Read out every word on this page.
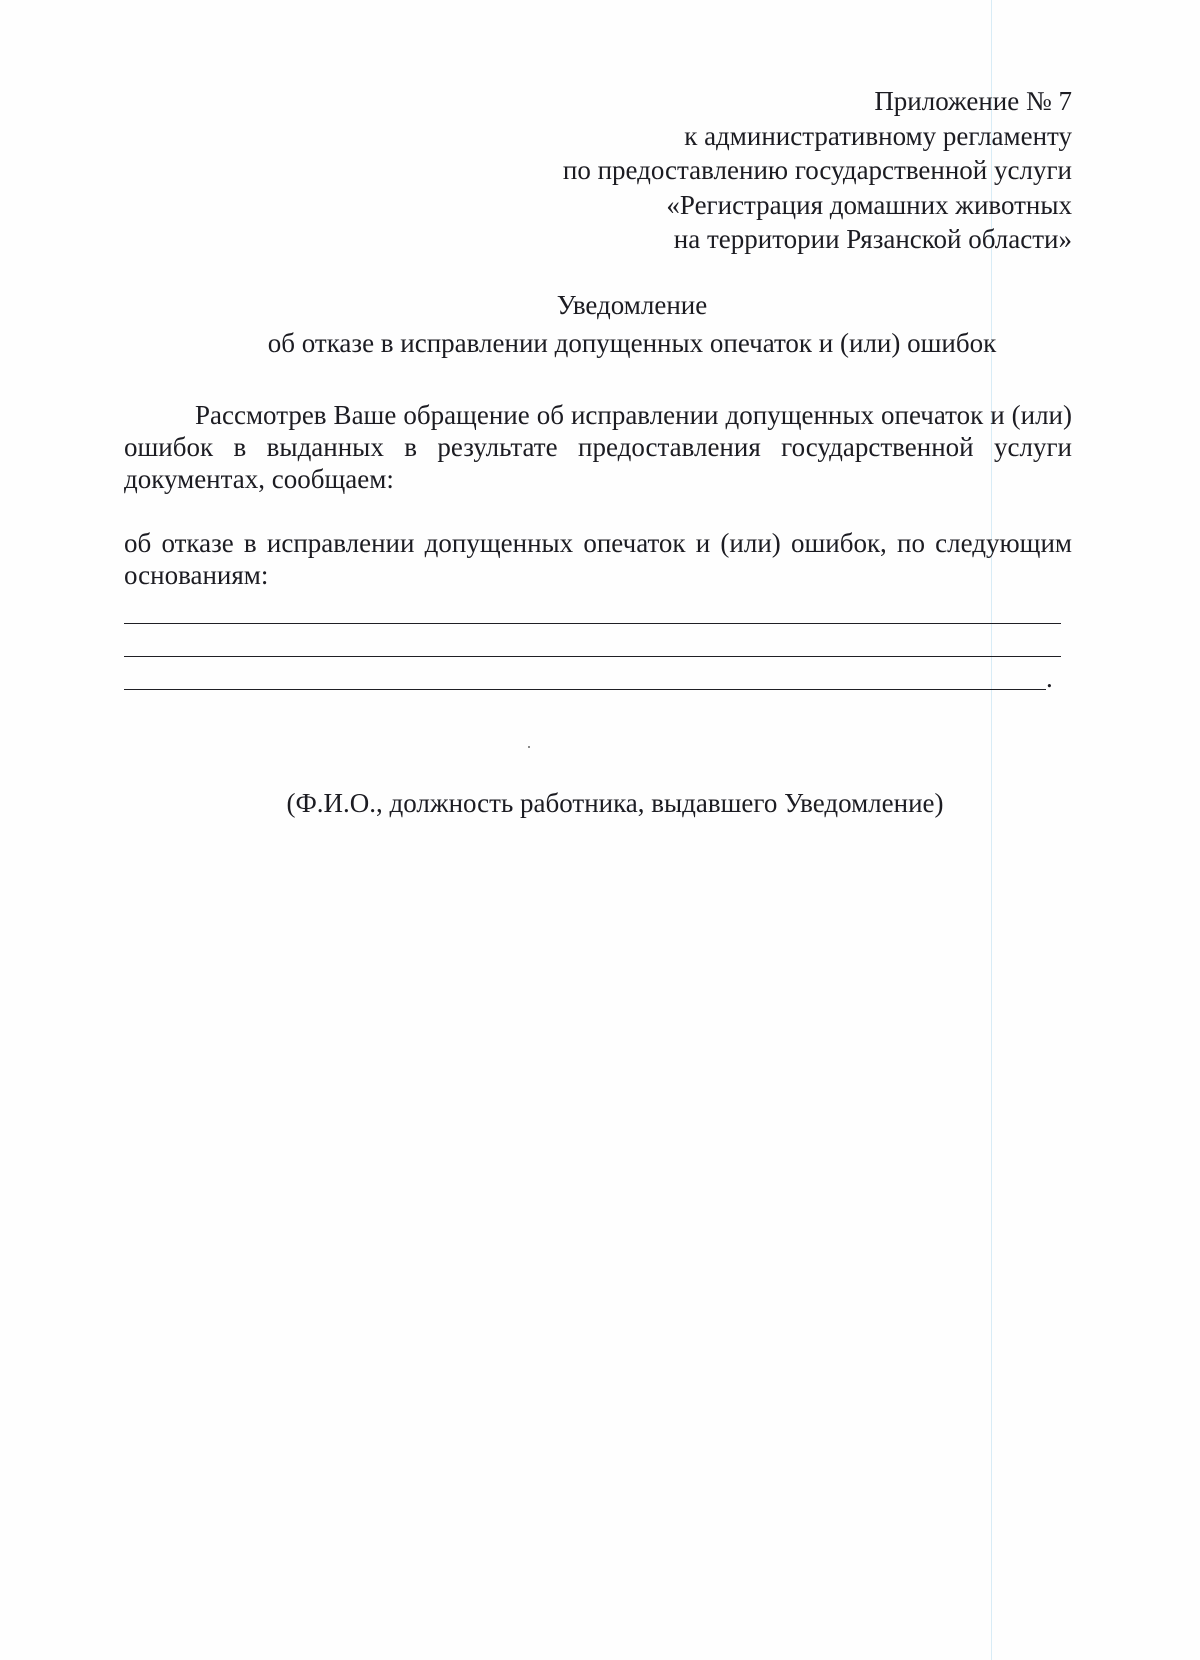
Приложение № 7
к административному регламенту
по предоставлению государственной услуги
«Регистрация домашних животных
на территории Рязанской области»
Уведомление
об отказе в исправлении допущенных опечаток и (или) ошибок
Рассмотрев Ваше обращение об исправлении допущенных опечаток и (или) ошибок в выданных в результате предоставления государственной услуги документах, сообщаем:
об отказе в исправлении допущенных опечаток и (или) ошибок, по следующим основаниям:
.
(Ф.И.О., должность работника, выдавшего Уведомление)
